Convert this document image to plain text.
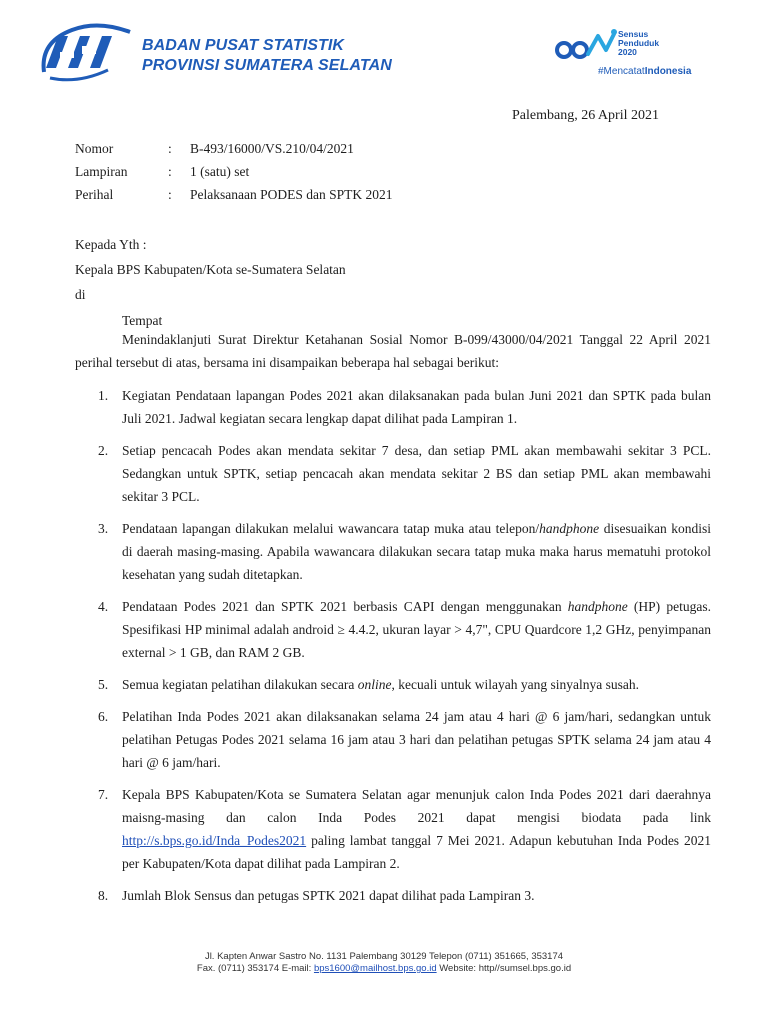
BADAN PUSAT STATISTIK
PROVINSI SUMATERA SELATAN
Sensus
Penduduk
2020
#MencatatIndonesia
Palembang, 26 April 2021
Nomor	:	B-493/16000/VS.210/04/2021
Lampiran	:	1 (satu) set
Perihal	:	Pelaksanaan PODES dan SPTK 2021
Kepada Yth :
Kepala BPS Kabupaten/Kota se-Sumatera Selatan
di
Tempat

Menindaklanjuti Surat Direktur Ketahanan Sosial Nomor B-099/43000/04/2021 Tanggal 22 April 2021 perihal tersebut di atas, bersama ini disampaikan beberapa hal sebagai berikut:

1.	Kegiatan Pendataan lapangan Podes 2021 akan dilaksanakan pada bulan Juni 2021 dan SPTK pada bulan Juli 2021. Jadwal kegiatan secara lengkap dapat dilihat pada Lampiran 1.
2.	Setiap pencacah Podes akan mendata sekitar 7 desa, dan setiap PML akan membawahi sekitar 3 PCL. Sedangkan untuk SPTK, setiap pencacah akan mendata sekitar 2 BS dan setiap PML akan membawahi sekitar 3 PCL.
3.	Pendataan lapangan dilakukan melalui wawancara tatap muka atau telepon/handphone disesuaikan kondisi di daerah masing-masing. Apabila wawancara dilakukan secara tatap muka maka harus mematuhi protokol kesehatan yang sudah ditetapkan.
4.	Pendataan Podes 2021 dan SPTK 2021 berbasis CAPI dengan menggunakan handphone (HP) petugas. Spesifikasi HP minimal adalah android ≥ 4.4.2, ukuran layar > 4,7", CPU Quardcore 1,2 GHz, penyimpanan external > 1 GB, dan RAM 2 GB.
5.	Semua kegiatan pelatihan dilakukan secara online, kecuali untuk wilayah yang sinyalnya susah.
6.	Pelatihan Inda Podes 2021 akan dilaksanakan selama 24 jam atau 4 hari @ 6 jam/hari, sedangkan untuk pelatihan Petugas Podes 2021 selama 16 jam atau 3 hari dan pelatihan petugas SPTK selama 24 jam atau 4 hari @ 6 jam/hari.
7.	Kepala BPS Kabupaten/Kota se Sumatera Selatan agar menunjuk calon Inda Podes 2021 dari daerahnya maisng-masing dan calon Inda Podes 2021 dapat mengisi biodata pada link http://s.bps.go.id/Inda_Podes2021 paling lambat tanggal 7 Mei 2021. Adapun kebutuhan Inda Podes 2021 per Kabupaten/Kota dapat dilihat pada Lampiran 2.
8.	Jumlah Blok Sensus dan petugas SPTK 2021 dapat dilihat pada Lampiran 3.
Jl. Kapten Anwar Sastro No. 1131 Palembang 30129 Telepon (0711) 351665, 353174
Fax. (0711) 353174 E-mail: bps1600@mailhost.bps.go.id Website: http//sumsel.bps.go.id
